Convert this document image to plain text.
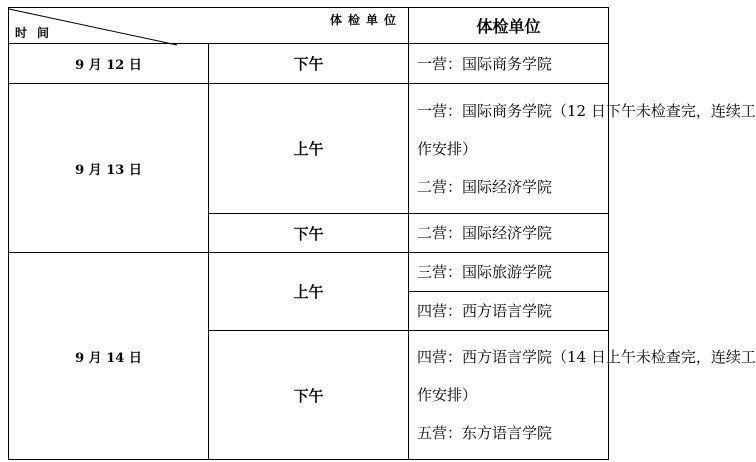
体检单位
时间		体检单位
9 月 12 日	下午	一营：国际商务学院

9 月 13 日	上午	一营：国际商务学院（12 日下午未检查完，连续工
作安排）
二营：国际经济学院

	下午	二营：国际经济学院

9 月 14 日	上午	三营：国际旅游学院

		四营：西方语言学院

	下午	四营：西方语言学院（14 日上午未检查完，连续工
作安排）
五营：东方语言学院
